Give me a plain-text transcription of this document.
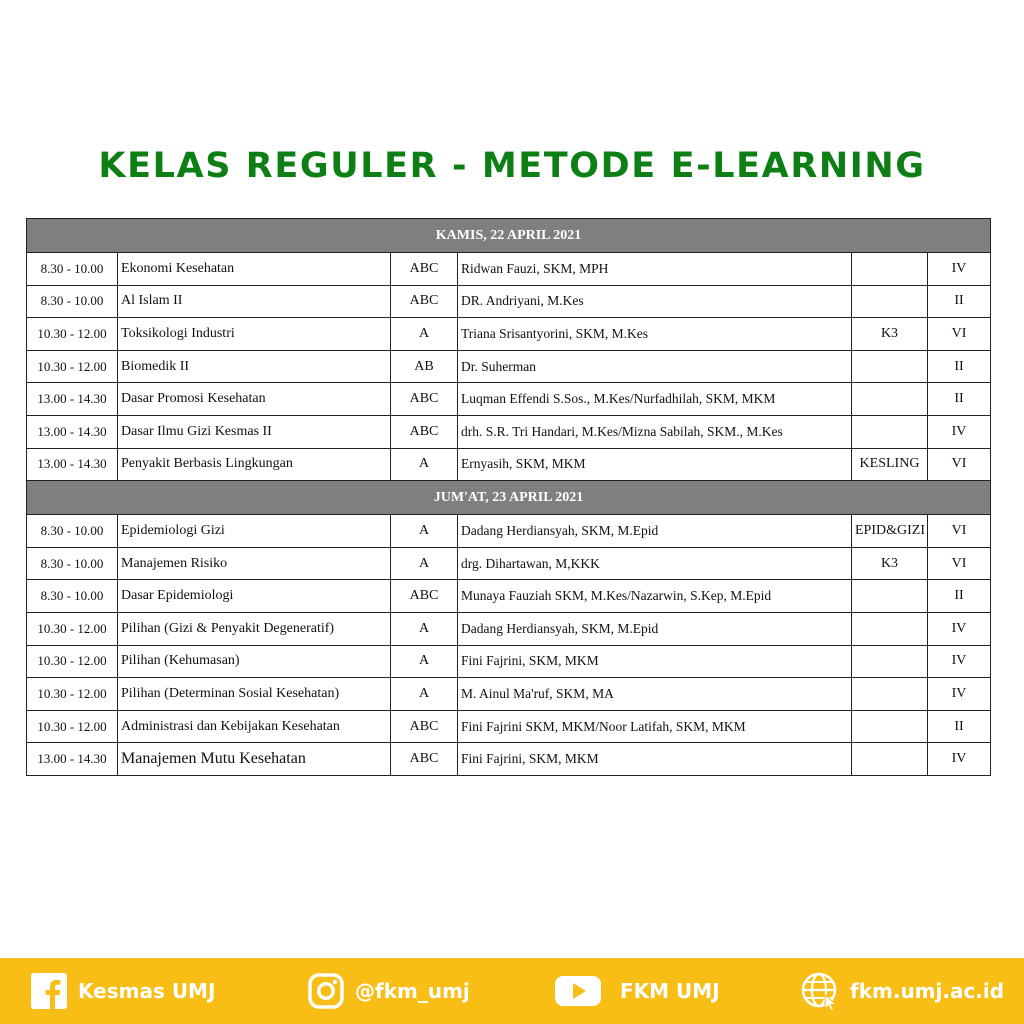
KELAS REGULER - METODE E-LEARNING
KAMIS, 22 APRIL 2021					
8.30 - 10.00	Ekonomi Kesehatan	ABC	Ridwan Fauzi, SKM, MPH		IV
8.30 - 10.00	Al Islam II	ABC	DR. Andriyani, M.Kes		II
10.30 - 12.00	Toksikologi Industri	A	Triana Srisantyorini, SKM, M.Kes	K3	VI
10.30 - 12.00	Biomedik II	AB	Dr. Suherman		II
13.00 - 14.30	Dasar Promosi Kesehatan	ABC	Luqman Effendi S.Sos., M.Kes/Nurfadhilah, SKM, MKM		II
13.00 - 14.30	Dasar Ilmu Gizi Kesmas II	ABC	drh. S.R. Tri Handari, M.Kes/Mizna Sabilah, SKM., M.Kes		IV
13.00 - 14.30	Penyakit Berbasis Lingkungan	A	Ernyasih, SKM, MKM	KESLING	VI
JUM'AT, 23 APRIL 2021					
8.30 - 10.00	Epidemiologi Gizi	A	Dadang Herdiansyah, SKM, M.Epid	EPID&GIZI	VI
8.30 - 10.00	Manajemen Risiko	A	drg. Dihartawan, M,KKK	K3	VI
8.30 - 10.00	Dasar Epidemiologi	ABC	Munaya Fauziah SKM, M.Kes/Nazarwin, S.Kep, M.Epid		II
10.30 - 12.00	Pilihan (Gizi & Penyakit Degeneratif)	A	Dadang Herdiansyah, SKM, M.Epid		IV
10.30 - 12.00	Pilihan (Kehumasan)	A	Fini Fajrini, SKM, MKM		IV
10.30 - 12.00	Pilihan (Determinan Sosial Kesehatan)	A	M. Ainul Ma'ruf, SKM, MA		IV
10.30 - 12.00	Administrasi dan Kebijakan Kesehatan	ABC	Fini Fajrini SKM, MKM/Noor Latifah, SKM, MKM		II
13.00 - 14.30	Manajemen Mutu Kesehatan	ABC	Fini Fajrini, SKM, MKM		IV
Kesmas UMJ	@fkm_umj	FKM UMJ	fkm.umj.ac.id
